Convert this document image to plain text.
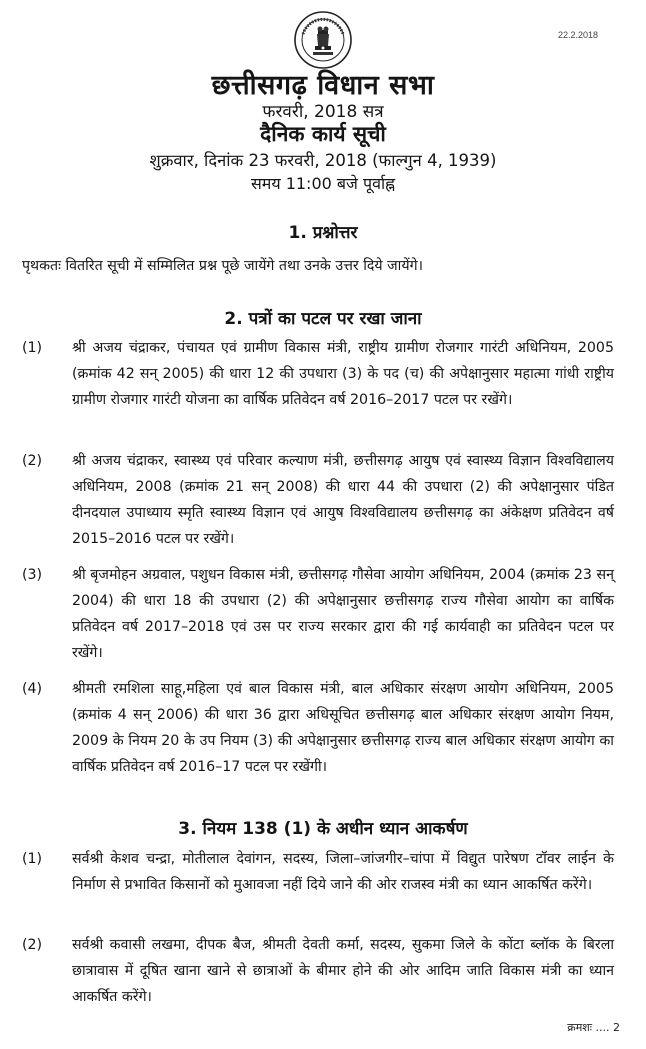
22.2.2018
छत्तीसगढ़ विधान सभा
फरवरी, 2018 सत्र
दैनिक कार्य सूची
शुक्रवार, दिनांक 23 फरवरी, 2018 (फाल्गुन 4, 1939)
समय 11:00 बजे पूर्वाह्न
1. प्रश्नोत्तर
पृथकतः वितरित सूची में सम्मिलित प्रश्न पूछे जायेंगे तथा उनके उत्तर दिये जायेंगे।
2. पत्रों का पटल पर रखा जाना
(1) श्री अजय चंद्राकर, पंचायत एवं ग्रामीण विकास मंत्री, राष्ट्रीय ग्रामीण रोजगार गारंटी अधिनियम, 2005 (क्रमांक 42 सन् 2005) की धारा 12 की उपधारा (3) के पद (च) की अपेक्षानुसार महात्मा गांधी राष्ट्रीय ग्रामीण रोजगार गारंटी योजना का वार्षिक प्रतिवेदन वर्ष 2016–2017 पटल पर रखेंगे।
(2) श्री अजय चंद्राकर, स्वास्थ्य एवं परिवार कल्याण मंत्री, छत्तीसगढ़ आयुष एवं स्वास्थ्य विज्ञान विश्वविद्यालय अधिनियम, 2008 (क्रमांक 21 सन् 2008) की धारा 44 की उपधारा (2) की अपेक्षानुसार पंडित दीनदयाल उपाध्याय स्मृति स्वास्थ्य विज्ञान एवं आयुष विश्वविद्यालय छत्तीसगढ़ का अंकेक्षण प्रतिवेदन वर्ष 2015–2016 पटल पर रखेंगे।
(3) श्री बृजमोहन अग्रवाल, पशुधन विकास मंत्री, छत्तीसगढ़ गौसेवा आयोग अधिनियम, 2004 (क्रमांक 23 सन् 2004) की धारा 18 की उपधारा (2) की अपेक्षानुसार छत्तीसगढ़ राज्य गौसेवा आयोग का वार्षिक प्रतिवेदन वर्ष 2017–2018 एवं उस पर राज्य सरकार द्वारा की गई कार्यवाही का प्रतिवेदन पटल पर रखेंगे।
(4) श्रीमती रमशिला साहू,महिला एवं बाल विकास मंत्री, बाल अधिकार संरक्षण आयोग अधिनियम, 2005 (क्रमांक 4 सन् 2006) की धारा 36 द्वारा अधिसूचित छत्तीसगढ़ बाल अधिकार संरक्षण आयोग नियम, 2009 के नियम 20 के उप नियम (3) की अपेक्षानुसार छत्तीसगढ़ राज्य बाल अधिकार संरक्षण आयोग का वार्षिक प्रतिवेदन वर्ष 2016–17 पटल पर रखेंगी।
3. नियम 138 (1) के अधीन ध्यान आकर्षण
(1) सर्वश्री केशव चन्द्रा, मोतीलाल देवांगन, सदस्य, जिला–जांजगीर–चांपा में विद्युत पारेषण टॉवर लाईन के निर्माण से प्रभावित किसानों को मुआवजा नहीं दिये जाने की ओर राजस्व मंत्री का ध्यान आकर्षित करेंगे।
(2) सर्वश्री कवासी लखमा, दीपक बैज, श्रीमती देवती कर्मा, सदस्य, सुकमा जिले के कोंटा ब्लॉक के बिरला छात्रावास में दूषित खाना खाने से छात्राओं के बीमार होने की ओर आदिम जाति विकास मंत्री का ध्यान आकर्षित करेंगे।
क्रमशः .... 2
